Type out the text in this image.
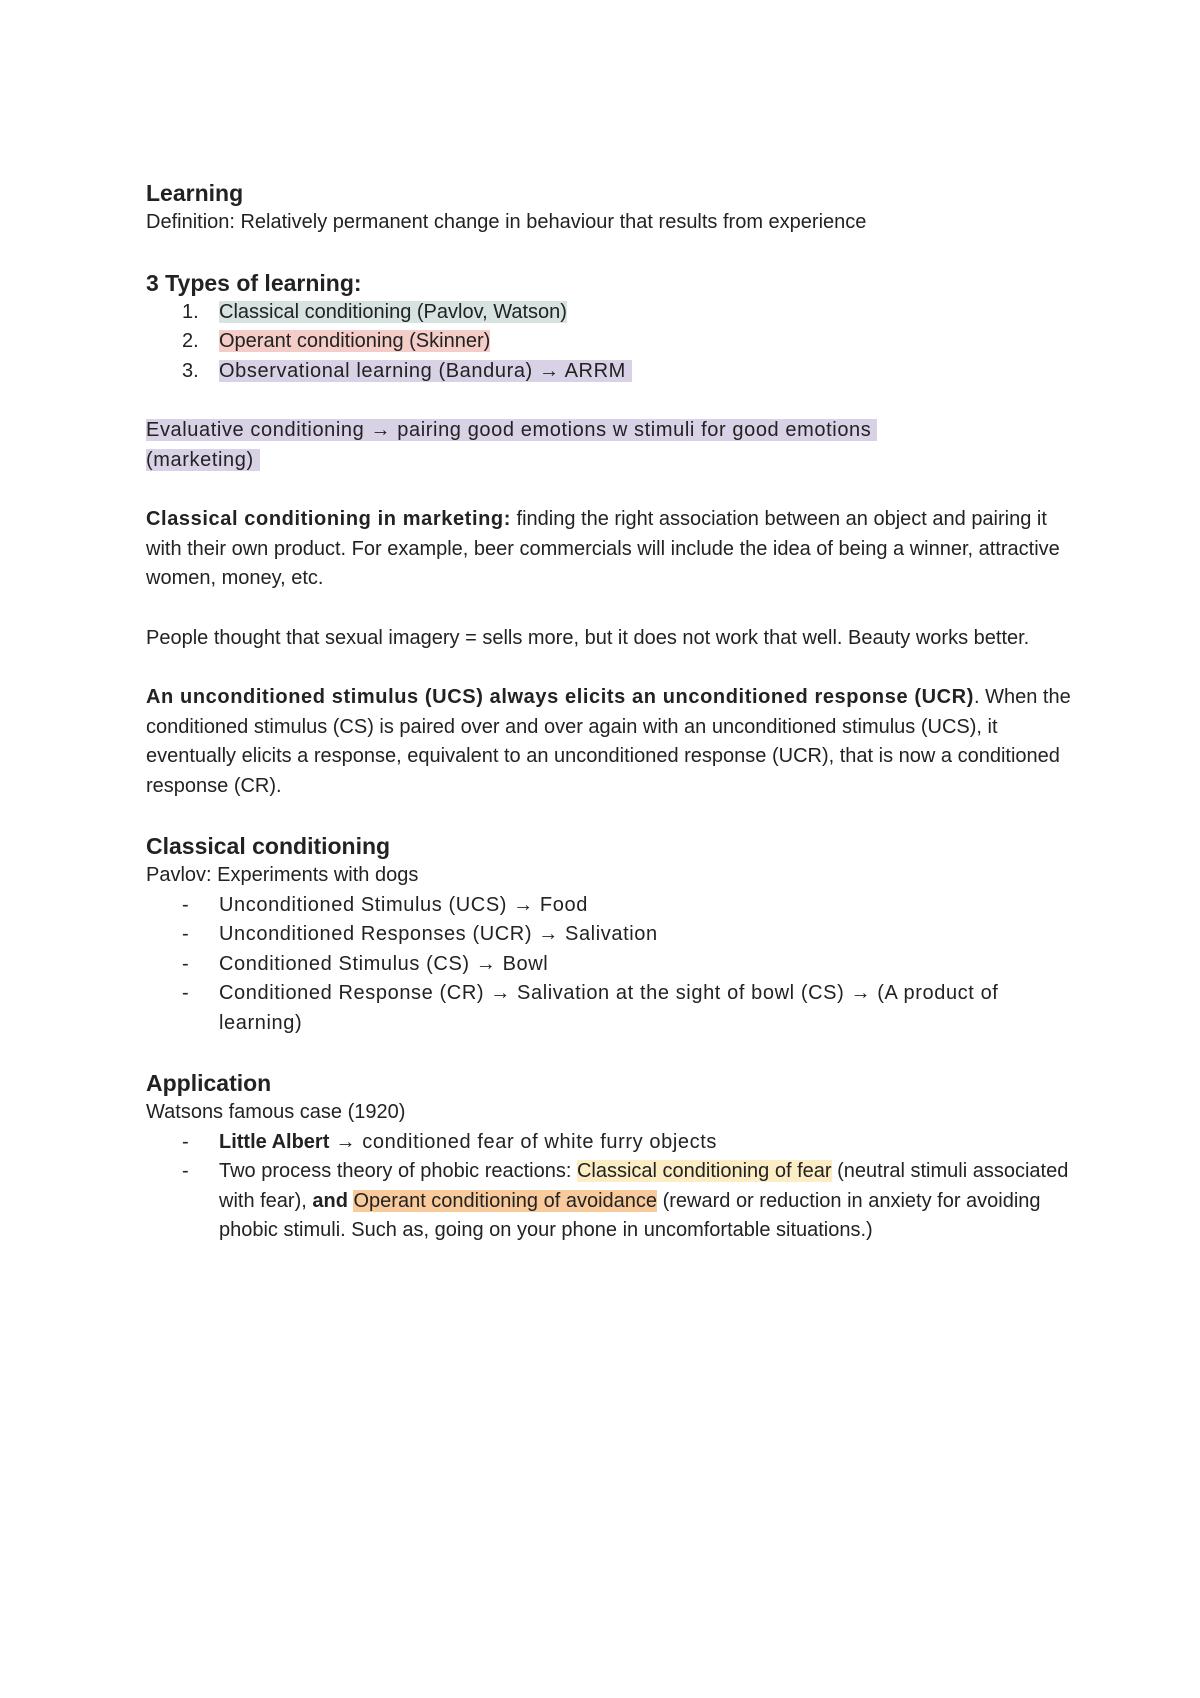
Learning

Definition: Relatively permanent change in behaviour that results from experience

3 Types of learning:

1.	Classical conditioning (Pavlov, Watson)
2.	Operant conditioning (Skinner)
3.	Observational learning (Bandura) → ARRM

Evaluative conditioning → pairing good emotions w stimuli for good emotions
(marketing)

Classical conditioning in marketing: finding the right association between an object and pairing it with their own product. For example, beer commercials will include the idea of being a winner, attractive women, money, etc.

People thought that sexual imagery = sells more, but it does not work that well. Beauty works better.

An unconditioned stimulus (UCS) always elicits an unconditioned response (UCR). When the conditioned stimulus (CS) is paired over and over again with an unconditioned stimulus (UCS), it eventually elicits a response, equivalent to an unconditioned response (UCR), that is now a conditioned response (CR).

Classical conditioning

Pavlov: Experiments with dogs

-	Unconditioned Stimulus (UCS) → Food
-	Unconditioned Responses (UCR) → Salivation
-	Conditioned Stimulus (CS) → Bowl
-	Conditioned Response (CR) → Salivation at the sight of bowl (CS) → (A product of learning)

Application

Watsons famous case (1920)

-	Little Albert → conditioned fear of white furry objects
-	Two process theory of phobic reactions: Classical conditioning of fear (neutral stimuli associated with fear), and Operant conditioning of avoidance (reward or reduction in anxiety for avoiding phobic stimuli. Such as, going on your phone in uncomfortable situations.)
